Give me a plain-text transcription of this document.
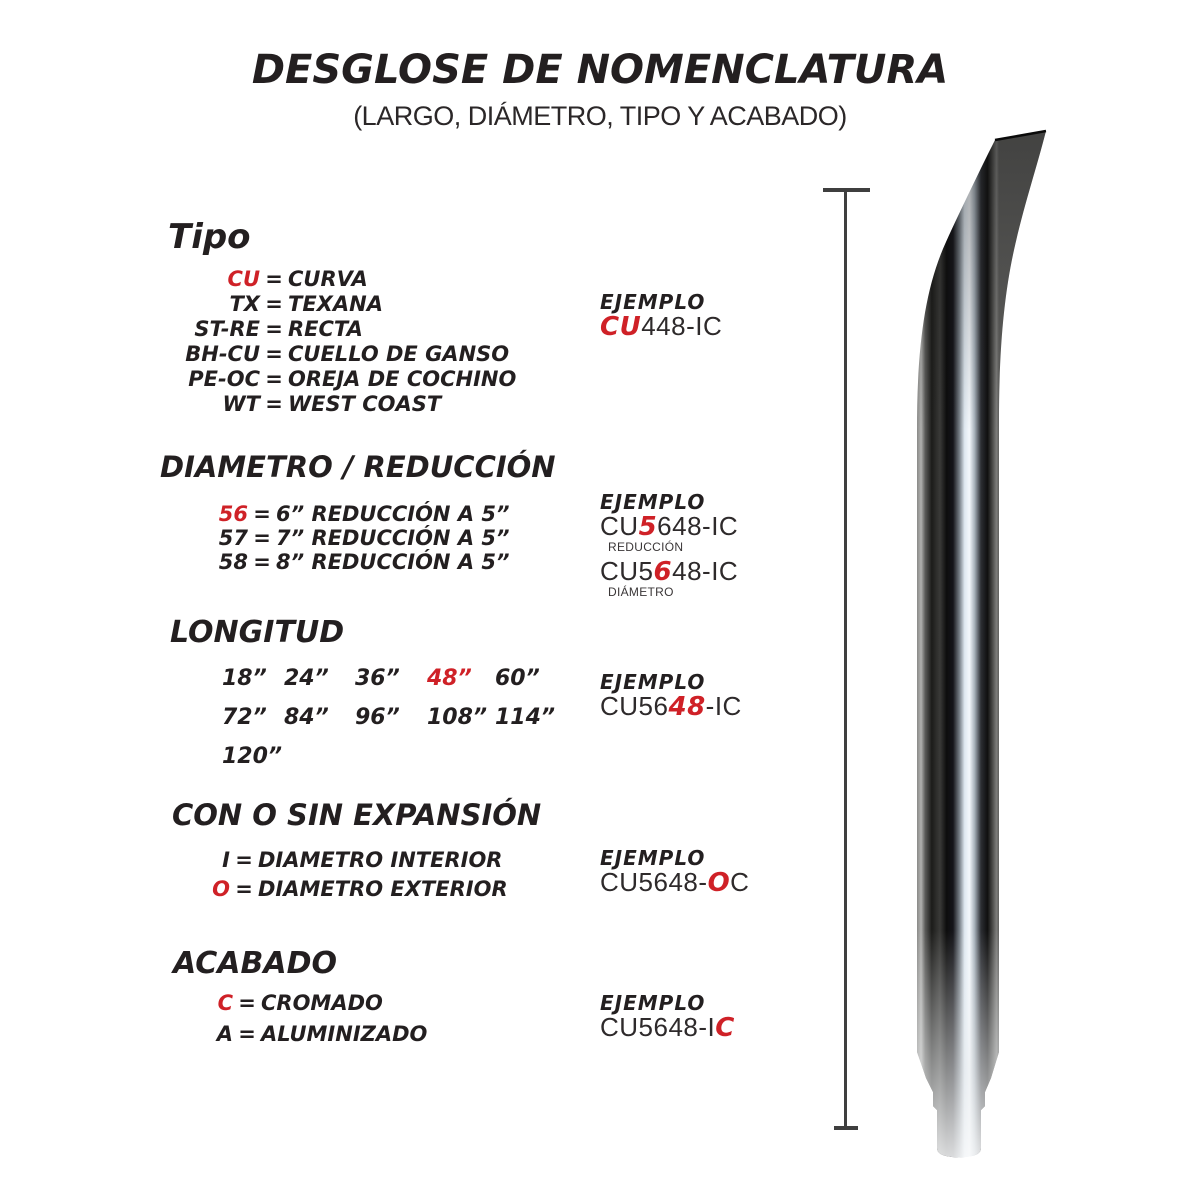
DESGLOSE DE NOMENCLATURA
(LARGO, DIÁMETRO, TIPO Y ACABADO)
Tipo
CU = CURVA
TX = TEXANA
ST-RE = RECTA
BH-CU = CUELLO DE GANSO
PE-OC = OREJA DE COCHINO
WT = WEST COAST
EJEMPLO
CU448-IC
DIAMETRO / REDUCCIÓN
56 = 6” REDUCCIÓN A 5”
57 = 7” REDUCCIÓN A 5”
58 = 8” REDUCCIÓN A 5”
EJEMPLO
CU5648-IC
REDUCCIÓN
CU5648-IC
DIÁMETRO
LONGITUD
18” 24”	36”	48”	60”
72” 84”	96”	108” 114”
120”
EJEMPLO
CU5648-IC
CON O SIN EXPANSIÓN
I = DIAMETRO INTERIOR
O = DIAMETRO EXTERIOR
EJEMPLO
CU5648-OC
ACABADO
C = CROMADO
A = ALUMINIZADO
EJEMPLO
CU5648-IC
